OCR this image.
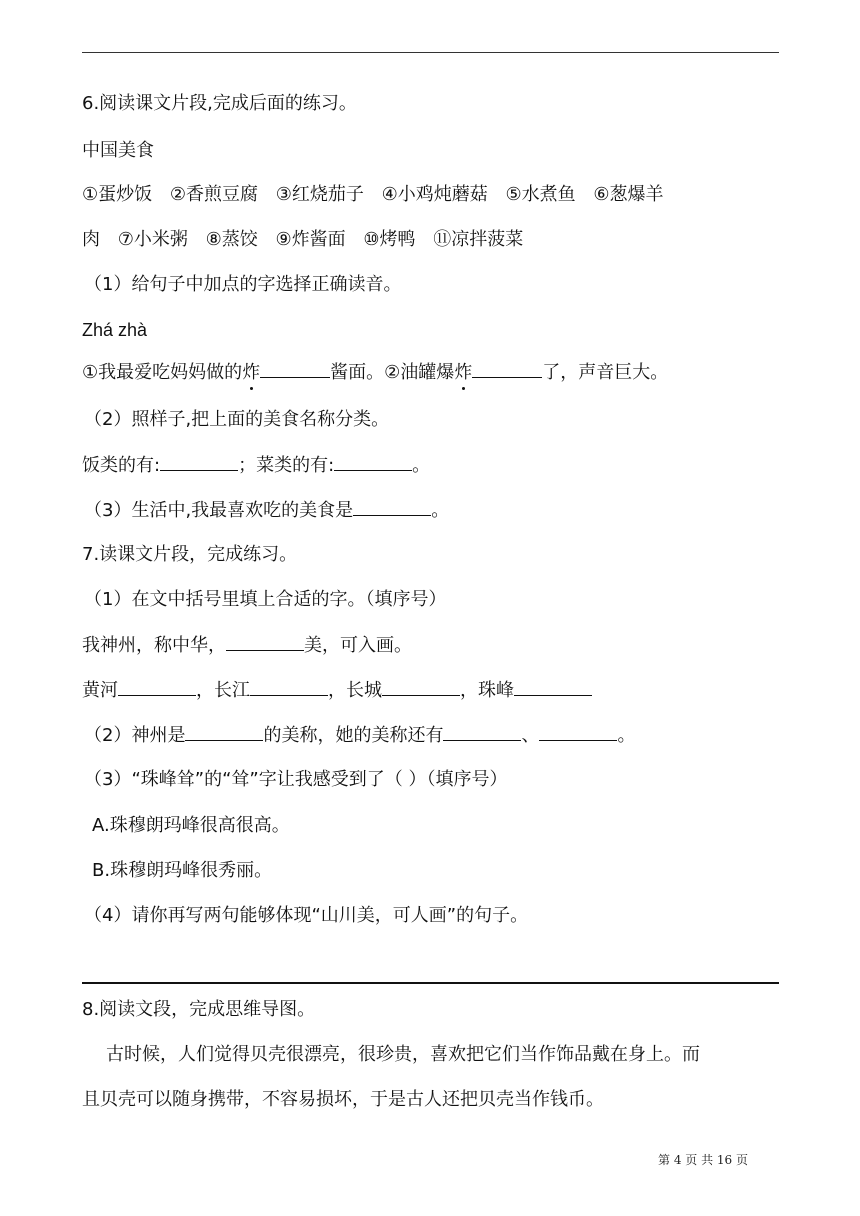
6.阅读课文片段,完成后面的练习。
中国美食
①蛋炒饭 ②香煎豆腐 ③红烧茄子 ④小鸡炖蘑菇 ⑤水煮鱼 ⑥葱爆羊
肉 ⑦小米粥 ⑧蒸饺 ⑨炸酱面 ⑩烤鸭 ⑪凉拌菠菜
（1）给句子中加点的字选择正确读音。
Zhá zhà
①我最爱吃妈妈做的炸	酱面。②油罐爆炸	了，声音巨大。
（2）照样子,把上面的美食名称分类。
饭类的有:	；菜类的有:	。
（3）生活中,我最喜欢吃的美食是	。
7.读课文片段，完成练习。
（1）在文中括号里填上合适的字。（填序号）
我神州，称中华，	美，可入画。
黄河	，长江	，长城	，珠峰
（2）神州是	的美称，她的美称还有	、	。
（3）“珠峰耸”的“耸”字让我感受到了（ ）（填序号）
A.珠穆朗玛峰很高很高。
B.珠穆朗玛峰很秀丽。
（4）请你再写两句能够体现“山川美，可人画”的句子。
8.阅读文段，完成思维导图。
古时候，人们觉得贝壳很漂亮，很珍贵，喜欢把它们当作饰品戴在身上。而
且贝壳可以随身携带，不容易损坏，于是古人还把贝壳当作钱币。
第 4 页 共 16 页
